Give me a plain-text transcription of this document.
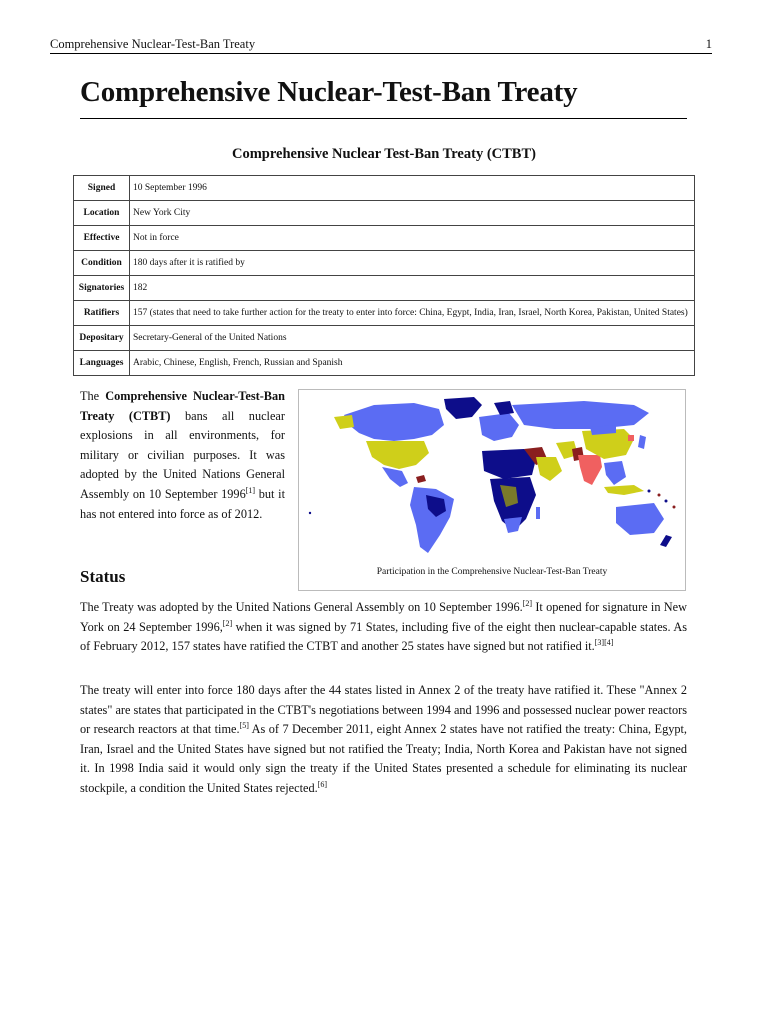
Comprehensive Nuclear-Test-Ban Treaty	1
Comprehensive Nuclear-Test-Ban Treaty
Comprehensive Nuclear Test-Ban Treaty (CTBT)
Signed	10 September 1996
Location	New York City
Effective	Not in force
Condition	180 days after it is ratified by
Signatories	182
Ratifiers	157 (states that need to take further action for the treaty to enter into force: China, Egypt, India, Iran, Israel, North Korea, Pakistan, United States)
Depositary	Secretary-General of the United Nations
Languages	Arabic, Chinese, English, French, Russian and Spanish
The Comprehensive Nuclear-Test-Ban Treaty (CTBT) bans all nuclear explosions in all environments, for military or civilian purposes. It was adopted by the United Nations General Assembly on 10 September 1996[1] but it has not entered into force as of 2012.
Participation in the Comprehensive Nuclear-Test-Ban Treaty
Status

The Treaty was adopted by the United Nations General Assembly on 10 September 1996.[2] It opened for signature in New York on 24 September 1996,[2] when it was signed by 71 States, including five of the eight then nuclear-capable states. As of February 2012, 157 states have ratified the CTBT and another 25 states have signed but not ratified it.[3][4]

The treaty will enter into force 180 days after the 44 states listed in Annex 2 of the treaty have ratified it. These "Annex 2 states" are states that participated in the CTBT's negotiations between 1994 and 1996 and possessed nuclear power reactors or research reactors at that time.[5] As of 7 December 2011, eight Annex 2 states have not ratified the treaty: China, Egypt, Iran, Israel and the United States have signed but not ratified the Treaty; India, North Korea and Pakistan have not signed it. In 1998 India said it would only sign the treaty if the United States presented a schedule for eliminating its nuclear stockpile, a condition the United States rejected.[6]
